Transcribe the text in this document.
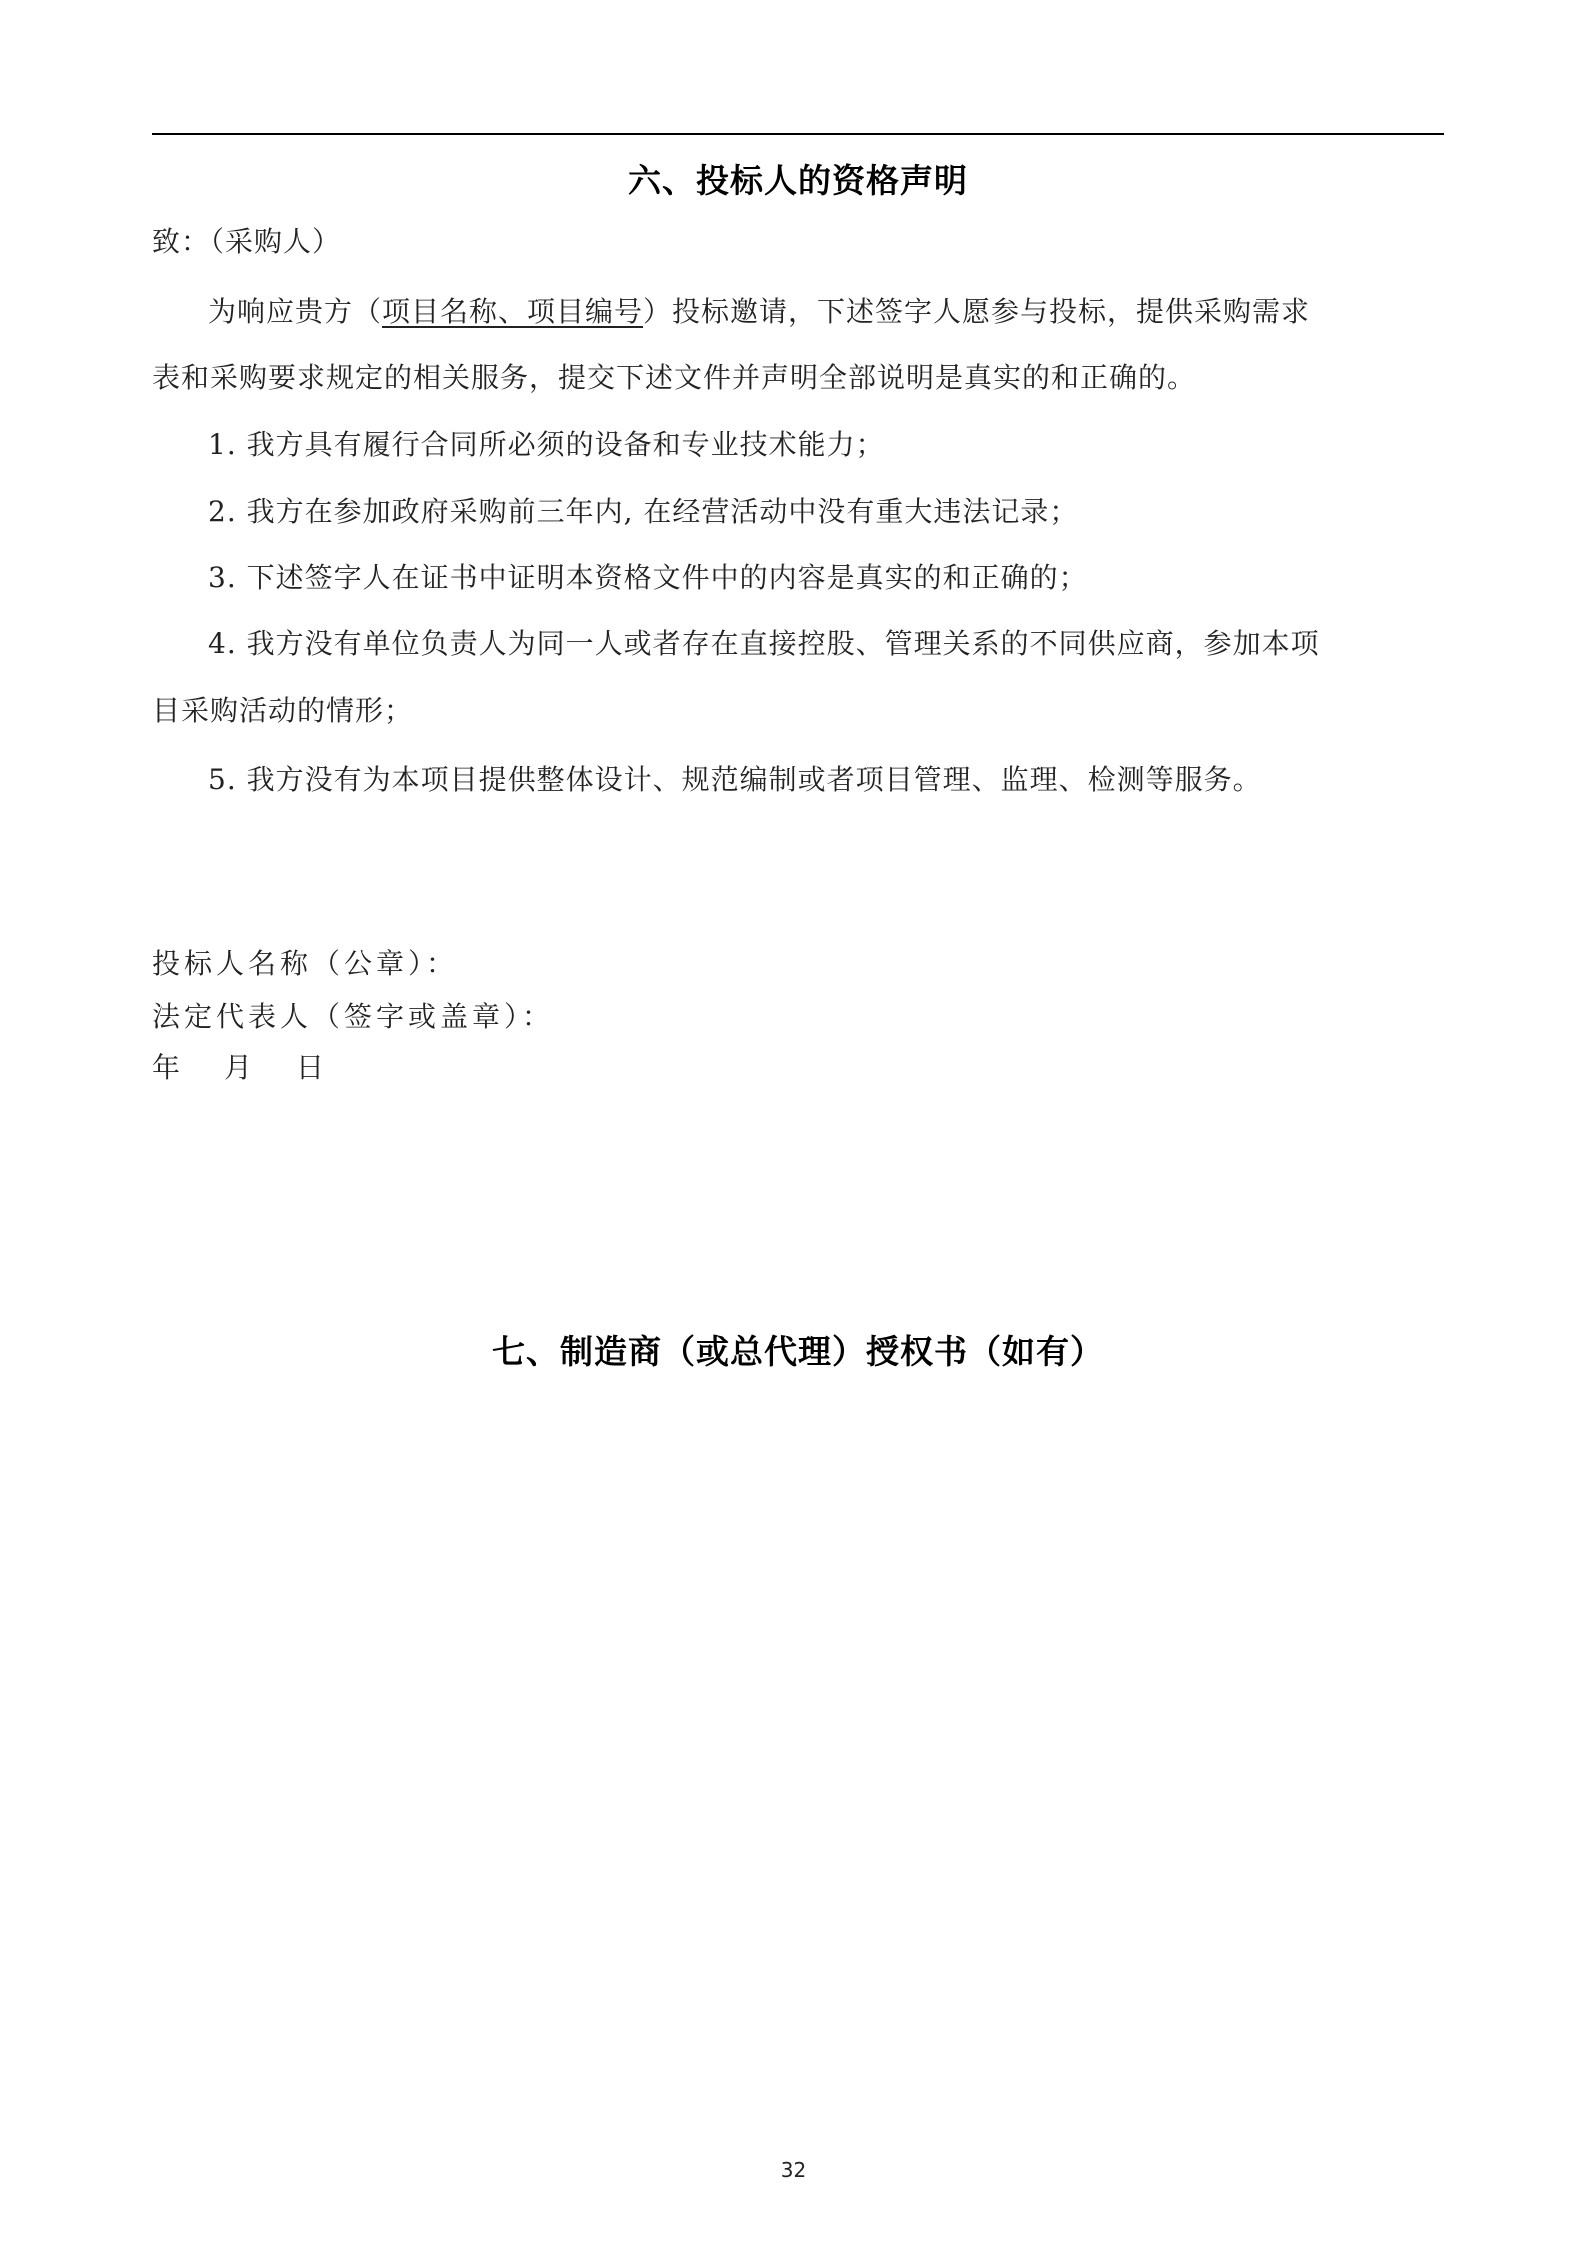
六、投标人的资格声明
致：（采购人）
为响应贵方（项目名称、项目编号）投标邀请，下述签字人愿参与投标，提供采购需求
表和采购要求规定的相关服务，提交下述文件并声明全部说明是真实的和正确的。
1. 我方具有履行合同所必须的设备和专业技术能力；
2. 我方在参加政府采购前三年内, 在经营活动中没有重大违法记录；
3. 下述签字人在证书中证明本资格文件中的内容是真实的和正确的；
4. 我方没有单位负责人为同一人或者存在直接控股、管理关系的不同供应商，参加本项
目采购活动的情形；
5. 我方没有为本项目提供整体设计、规范编制或者项目管理、监理、检测等服务。
投标人名称（公章）：
法定代表人（签字或盖章）：
年 月 日
七、制造商（或总代理）授权书（如有）
32
